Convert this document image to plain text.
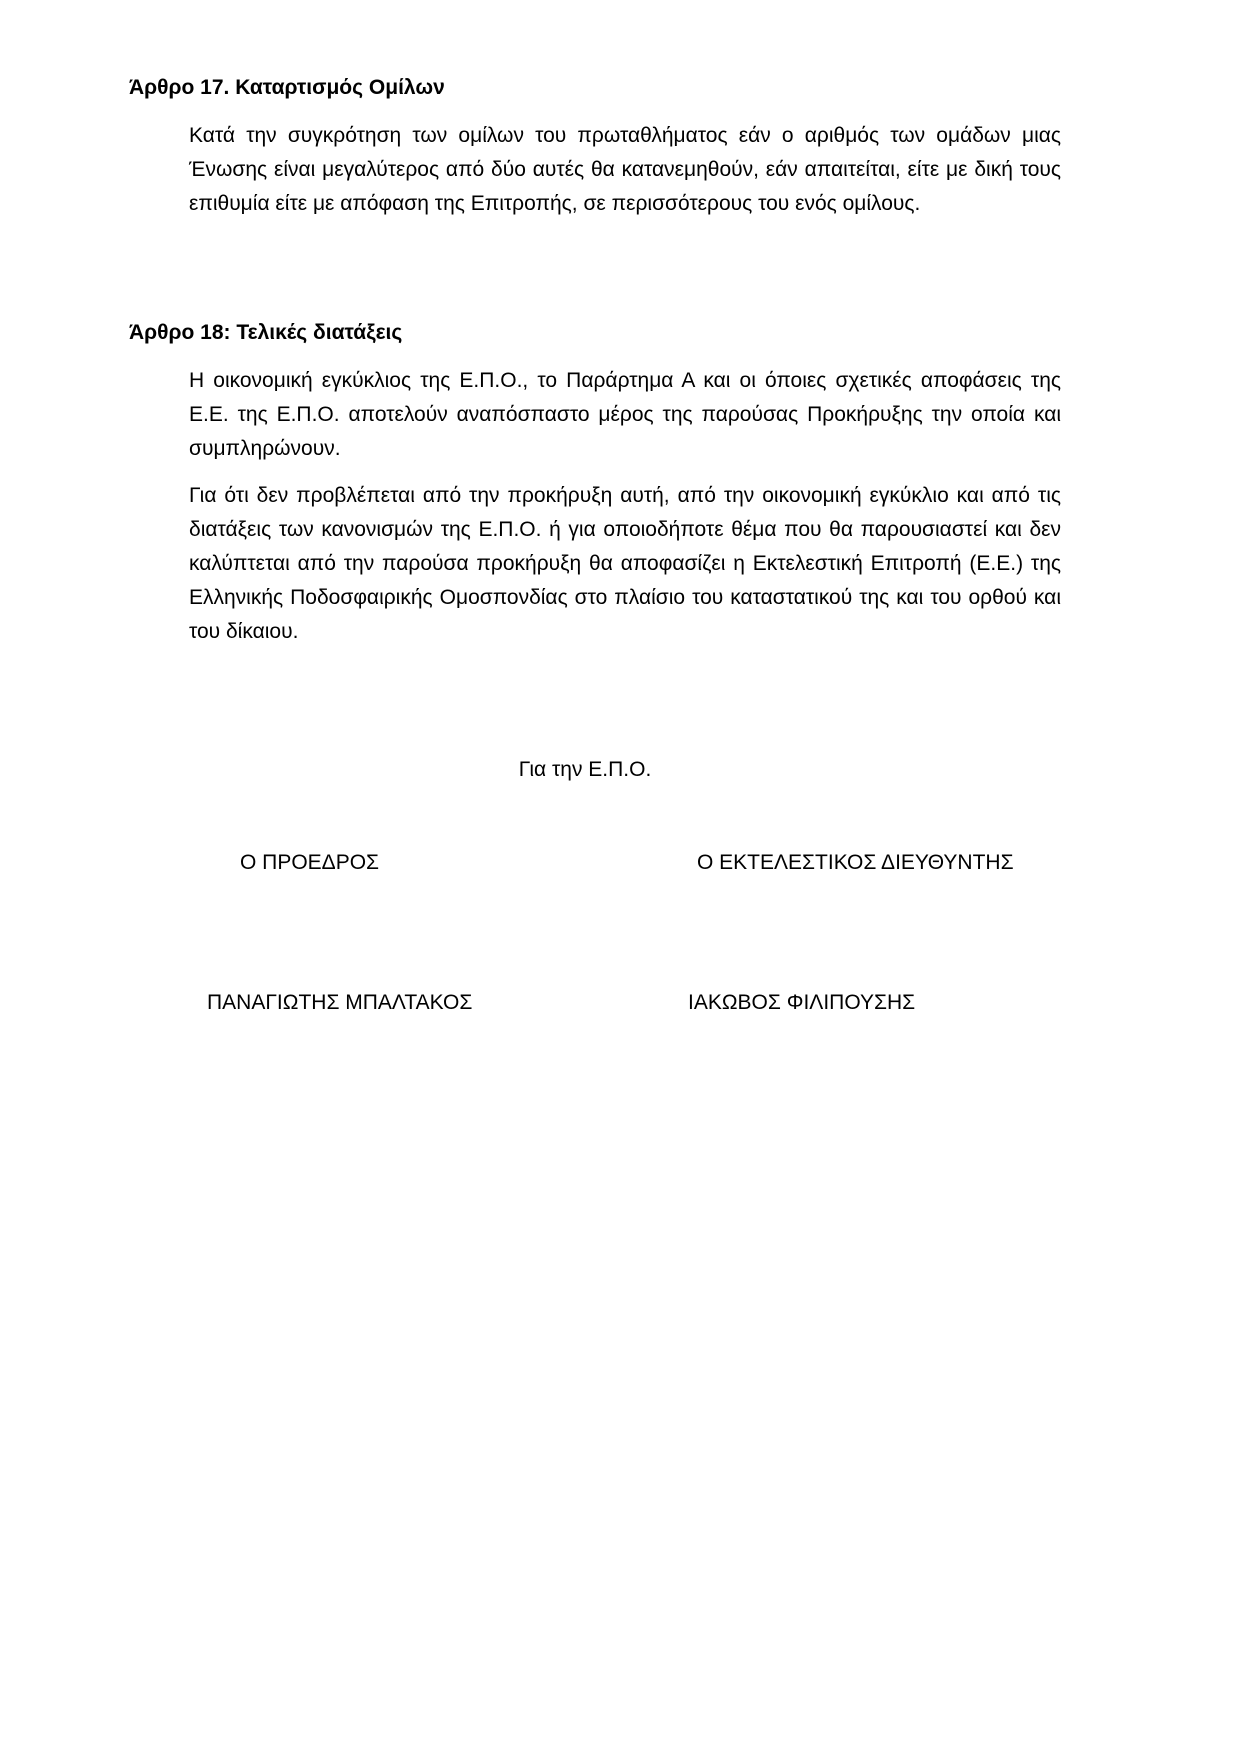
Άρθρο 17. Καταρτισμός Ομίλων

Κατά την συγκρότηση των ομίλων του πρωταθλήματος εάν ο αριθμός των ομάδων μιας Ένωσης είναι μεγαλύτερος από δύο αυτές θα κατανεμηθούν, εάν απαιτείται, είτε με δική τους επιθυμία είτε με απόφαση της Επιτροπής, σε περισσότερους του ενός ομίλους.

Άρθρο 18: Τελικές διατάξεις

Η οικονομική εγκύκλιος της Ε.Π.Ο., το Παράρτημα Α και οι όποιες σχετικές αποφάσεις της Ε.Ε. της Ε.Π.Ο. αποτελούν αναπόσπαστο μέρος της παρούσας Προκήρυξης την οποία και συμπληρώνουν.

Για ότι δεν προβλέπεται από την προκήρυξη αυτή, από την οικονομική εγκύκλιο και από τις διατάξεις των κανονισμών της Ε.Π.Ο. ή για οποιοδήποτε θέμα που θα παρουσιαστεί και δεν καλύπτεται από την παρούσα προκήρυξη θα αποφασίζει η Εκτελεστική Επιτροπή (Ε.Ε.) της Ελληνικής Ποδοσφαιρικής Ομοσπονδίας στο πλαίσιο του καταστατικού της και του ορθού και του δίκαιου.

Για την Ε.Π.Ο.
Ο ΠΡΟΕΔΡΟΣ	Ο ΕΚΤΕΛΕΣΤΙΚΟΣ ΔΙΕΥΘΥΝΤΗΣ
ΠΑΝΑΓΙΩΤΗΣ ΜΠΑΛΤΑΚΟΣ	ΙΑΚΩΒΟΣ ΦΙΛΙΠΟΥΣΗΣ
